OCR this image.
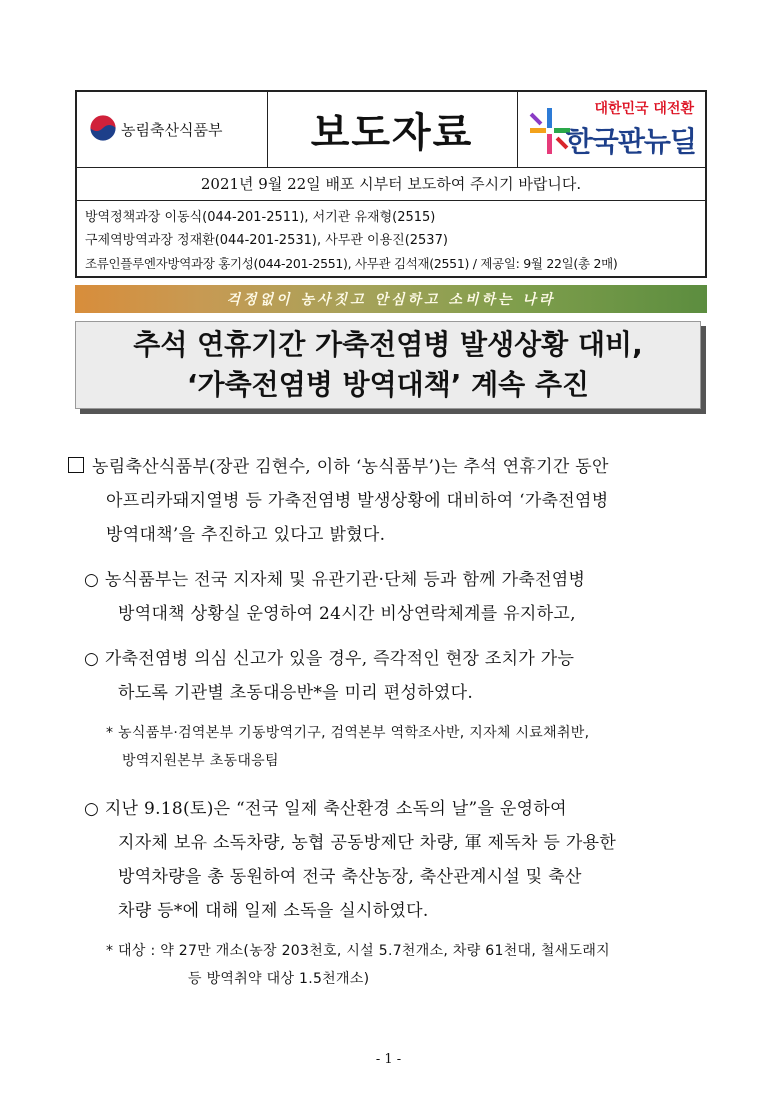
농림축산식품부 보도자료
대한민국 대전환
한국판뉴딜
2021년 9월 22일 배포 시부터 보도하여 주시기 바랍니다.
방역정책과장 이동식(044-201-2511), 서기관 유재형(2515)
구제역방역과장 정재환(044-201-2531), 사무관 이용진(2537)
조류인플루엔자방역과장 홍기성(044-201-2551), 사무관 김석재(2551) / 제공일: 9월 22일(총 2매)
걱정없이 농사짓고 안심하고 소비하는 나라
추석 연휴기간 가축전염병 발생상황 대비,
‘가축전염병 방역대책’ 계속 추진
농림축산식품부(장관 김현수, 이하 ‘농식품부’)는 추석 연휴기간 동안
아프리카돼지열병 등 가축전염병 발생상황에 대비하여 ‘가축전염병
방역대책’을 추진하고 있다고 밝혔다.
○ 농식품부는 전국 지자체 및 유관기관·단체 등과 함께 가축전염병
방역대책 상황실 운영하여 24시간 비상연락체계를 유지하고,
○ 가축전염병 의심 신고가 있을 경우, 즉각적인 현장 조치가 가능
하도록 기관별 초동대응반*을 미리 편성하였다.
* 농식품부·검역본부 기동방역기구, 검역본부 역학조사반, 지자체 시료채취반,
방역지원본부 초동대응팀
○ 지난 9.18(토)은 “전국 일제 축산환경 소독의 날”을 운영하여
지자체 보유 소독차량, 농협 공동방제단 차량, 軍 제독차 등 가용한
방역차량을 총 동원하여 전국 축산농장, 축산관계시설 및 축산
차량 등*에 대해 일제 소독을 실시하였다.
* 대상 : 약 27만 개소(농장 203천호, 시설 5.7천개소, 차량 61천대, 철새도래지
등 방역취약 대상 1.5천개소)
- 1 -
